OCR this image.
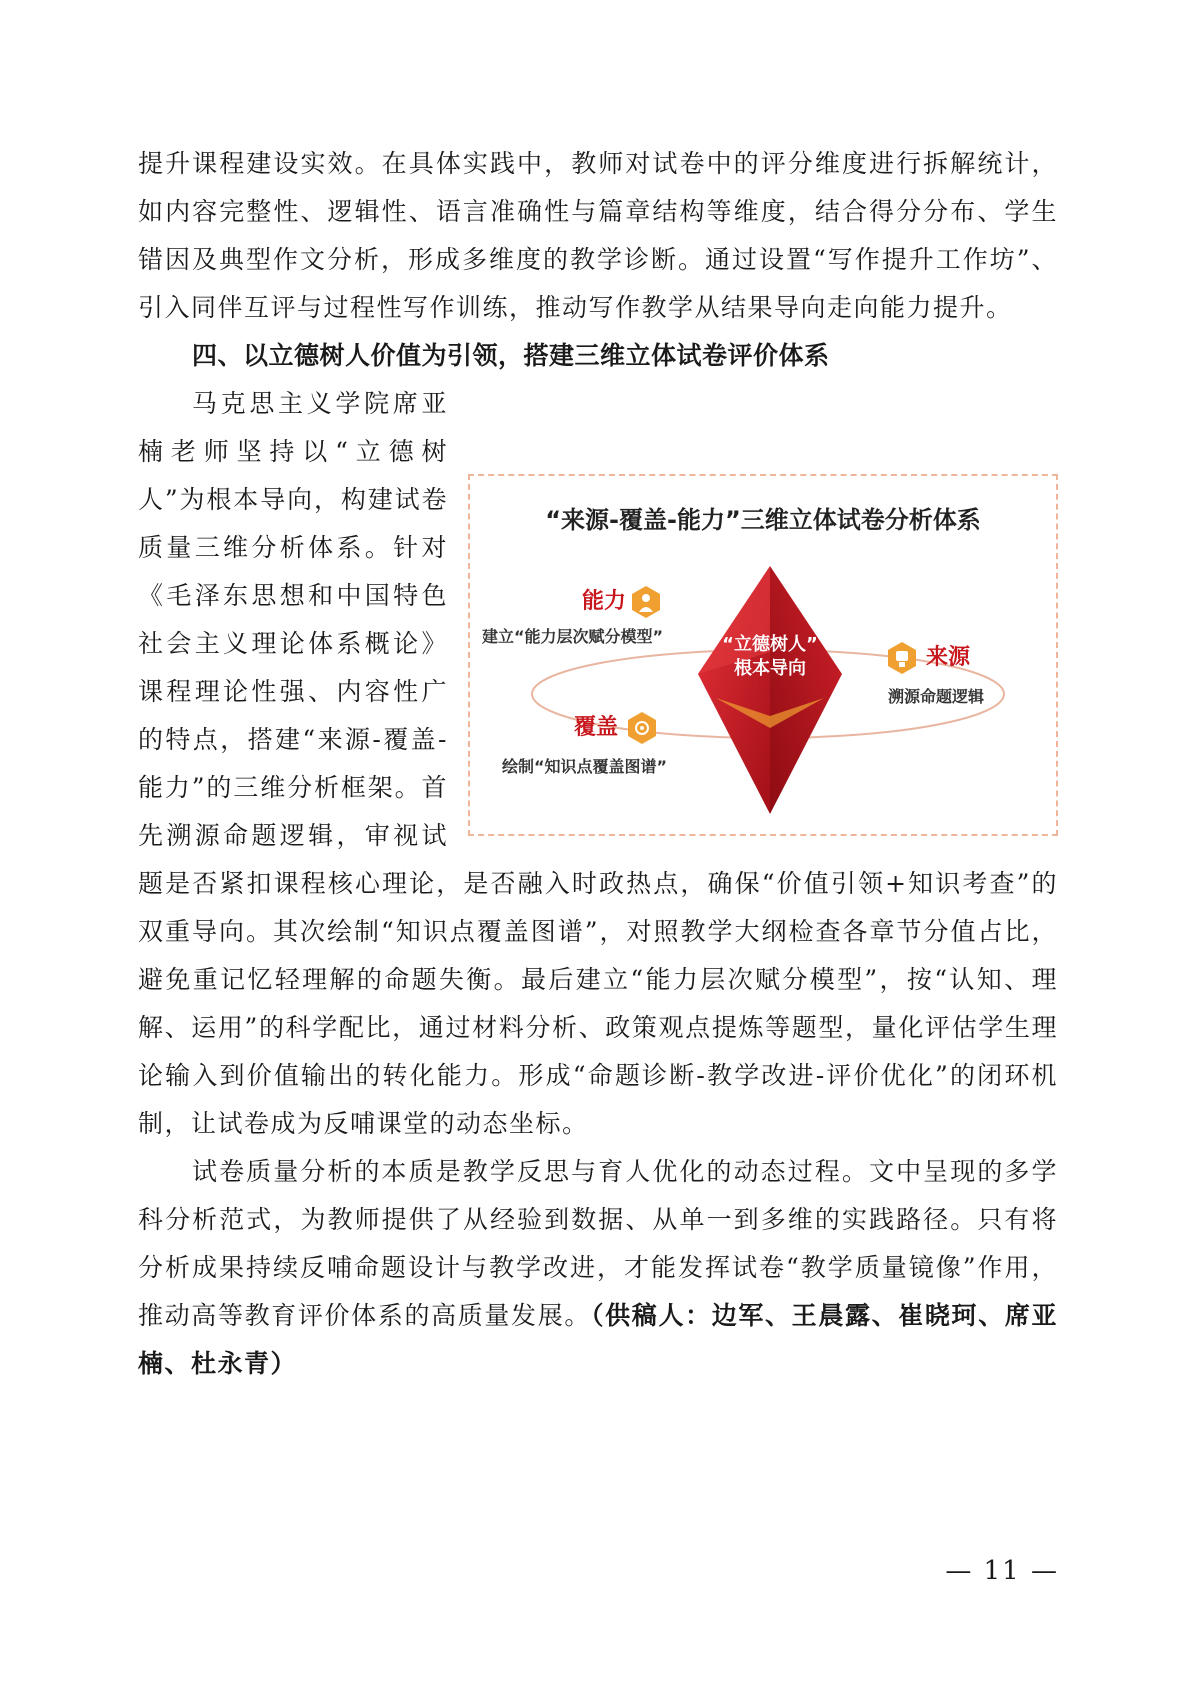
提升课程建设实效。在具体实践中，教师对试卷中的评分维度进行拆解统计，如内容完整性、逻辑性、语言准确性与篇章结构等维度，结合得分分布、学生错因及典型作文分析，形成多维度的教学诊断。通过设置“写作提升工作坊”、引入同伴互评与过程性写作训练，推动写作教学从结果导向走向能力提升。

四、以立德树人价值为引领，搭建三维立体试卷评价体系

“来源-覆盖-能力”三维立体试卷分析体系
“立德树人”
根本导向
能力
建立“能力层次赋分模型”
覆盖
绘制“知识点覆盖图谱”
来源
溯源命题逻辑

马克思主义学院席亚楠老师坚持以“立德树人”为根本导向，构建试卷质量三维分析体系。针对《毛泽东思想和中国特色社会主义理论体系概论》课程理论性强、内容性广的特点，搭建“来源-覆盖-能力”的三维分析框架。首先溯源命题逻辑，审视试题是否紧扣课程核心理论，是否融入时政热点，确保“价值引领+知识考查”的双重导向。其次绘制“知识点覆盖图谱”，对照教学大纲检查各章节分值占比，避免重记忆轻理解的命题失衡。最后建立“能力层次赋分模型”，按“认知、理解、运用”的科学配比，通过材料分析、政策观点提炼等题型，量化评估学生理论输入到价值输出的转化能力。形成“命题诊断-教学改进-评价优化”的闭环机制，让试卷成为反哺课堂的动态坐标。

试卷质量分析的本质是教学反思与育人优化的动态过程。文中呈现的多学科分析范式，为教师提供了从经验到数据、从单一到多维的实践路径。只有将分析成果持续反哺命题设计与教学改进，才能发挥试卷“教学质量镜像”作用，推动高等教育评价体系的高质量发展。（供稿人：边军、王晨露、崔晓珂、席亚楠、杜永青）

— 11 —
